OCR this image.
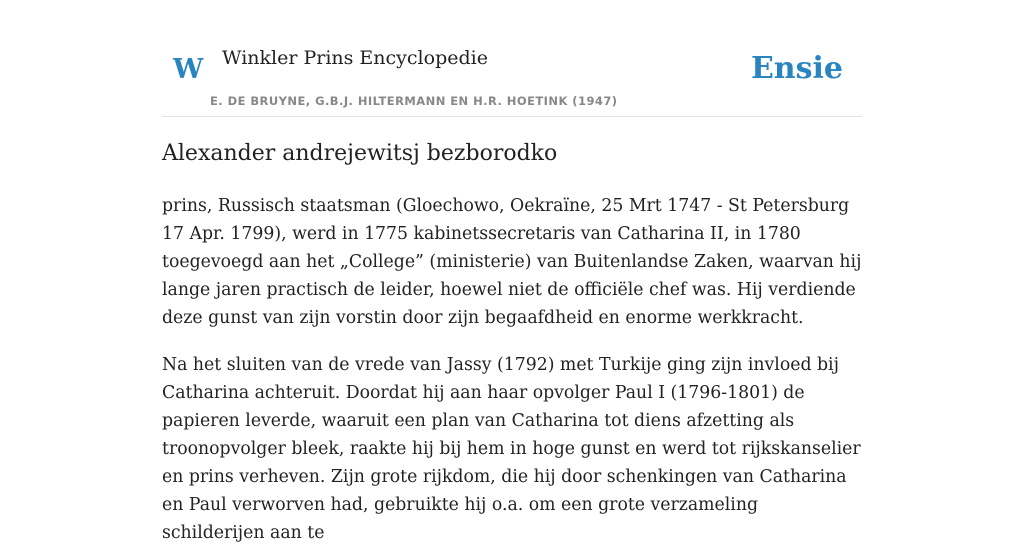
W Winkler Prins Encyclopedie
E. DE BRUYNE, G.B.J. HILTERMANN EN H.R. HOETINK (1947)
Ensie
Alexander andrejewitsj bezborodko

prins, Russisch staatsman (Gloechowo, Oekraïne, 25 Mrt 1747 - St Petersburg 17 Apr. 1799), werd in 1775 kabinetssecretaris van Catharina II, in 1780 toegevoegd aan het „College” (ministerie) van Buitenlandse Zaken, waarvan hij lange jaren practisch de leider, hoewel niet de officiële chef was. Hij verdiende deze gunst van zijn vorstin door zijn begaafdheid en enorme werkkracht.

Na het sluiten van de vrede van Jassy (1792) met Turkije ging zijn invloed bij Catharina achteruit. Doordat hij aan haar opvolger Paul I (1796-1801) de papieren leverde, waaruit een plan van Catharina tot diens afzetting als troonopvolger bleek, raakte hij bij hem in hoge gunst en werd tot rijkskanselier en prins verheven. Zijn grote rijkdom, die hij door schenkingen van Catharina en Paul verworven had, gebruikte hij o.a. om een grote verzameling schilderijen aan te
